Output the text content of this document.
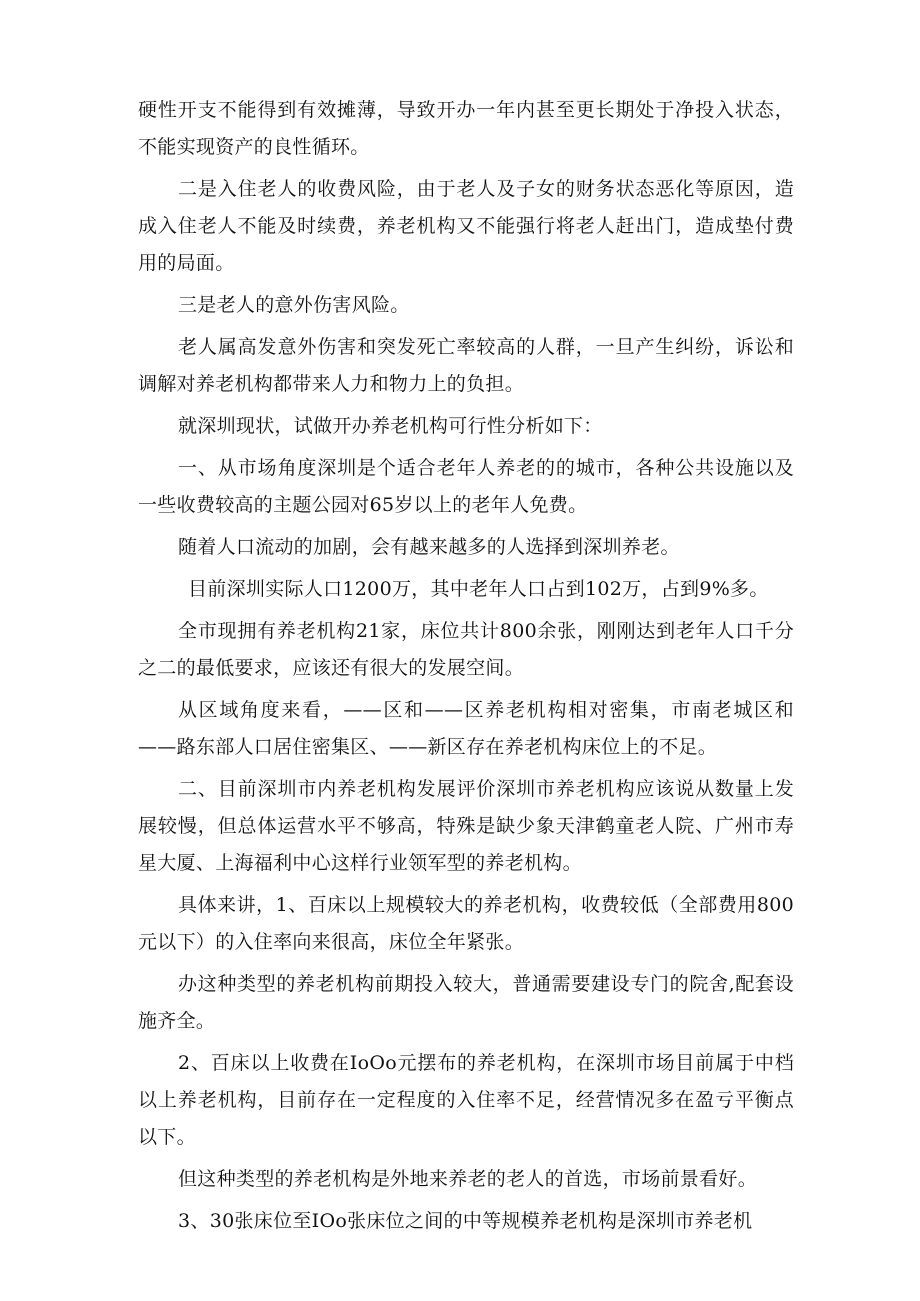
硬性开支不能得到有效摊薄，导致开办一年内甚至更长期处于净投入状态，不能实现资产的良性循环。

二是入住老人的收费风险，由于老人及子女的财务状态恶化等原因，造成入住老人不能及时续费，养老机构又不能强行将老人赶出门，造成垫付费用的局面。

三是老人的意外伤害风险。

老人属高发意外伤害和突发死亡率较高的人群，一旦产生纠纷，诉讼和调解对养老机构都带来人力和物力上的负担。

就深圳现状，试做开办养老机构可行性分析如下：

一、从市场角度深圳是个适合老年人养老的的城市，各种公共设施以及一些收费较高的主题公园对65岁以上的老年人免费。

随着人口流动的加剧，会有越来越多的人选择到深圳养老。

目前深圳实际人口1200万，其中老年人口占到102万，占到9%多。

全市现拥有养老机构21家，床位共计800余张，刚刚达到老年人口千分之二的最低要求，应该还有很大的发展空间。

从区域角度来看，——区和——区养老机构相对密集，市南老城区和——路东部人口居住密集区、——新区存在养老机构床位上的不足。

二、目前深圳市内养老机构发展评价深圳市养老机构应该说从数量上发展较慢，但总体运营水平不够高，特殊是缺少象天津鹤童老人院、广州市寿星大厦、上海福利中心这样行业领军型的养老机构。

具体来讲，1、百床以上规模较大的养老机构，收费较低（全部费用800元以下）的入住率向来很高，床位全年紧张。

办这种类型的养老机构前期投入较大，普通需要建设专门的院舍,配套设施齐全。

2、百床以上收费在IoOo元摆布的养老机构，在深圳市场目前属于中档以上养老机构，目前存在一定程度的入住率不足，经营情况多在盈亏平衡点以下。

但这种类型的养老机构是外地来养老的老人的首选，市场前景看好。

3、30张床位至IOo张床位之间的中等规模养老机构是深圳市养老机
